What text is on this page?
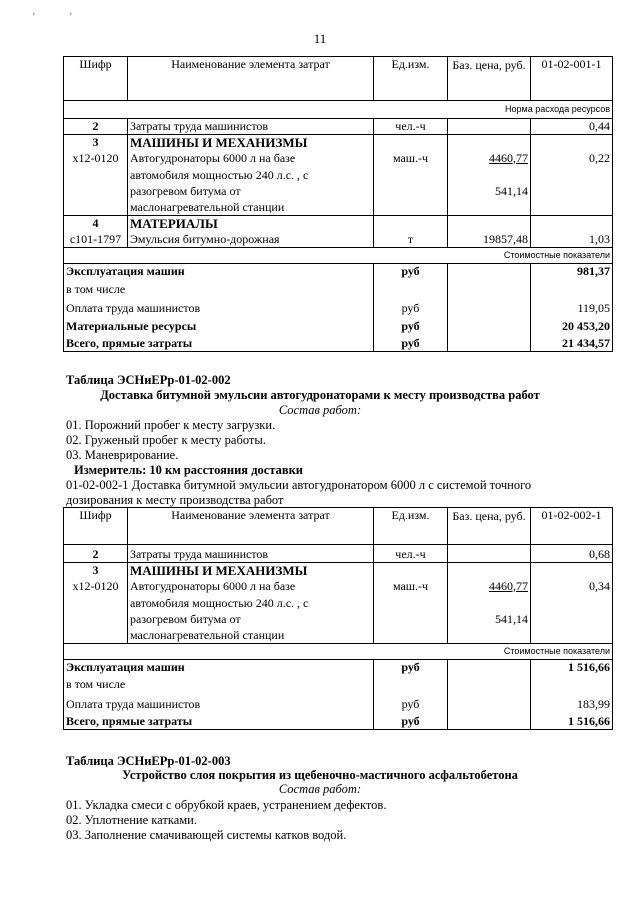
'	'
11
Шифр	Наименование элемента затрат	Ед.изм.	Баз. цена, руб.	01-02-001-1
Норма расхода ресурсов				
2	Затраты труда машинистов	чел.-ч		0,44
3	МАШИНЫ И МЕХАНИЗМЫ			
х12-0120	Автогудронаторы 6000 л на базе	маш.-ч	4460,77	0,22
	автомобиля мощностью 240 л.с. , с			
	разогревом битума от		541,14	
	маслонагревательной станции			
4	МАТЕРИАЛЫ			
с101-1797	Эмульсия битумно-дорожная	т	19857,48	1,03
Стоимостные показатели				
Эксплуатация машин		руб		981,37
в том числе				
Оплата труда машинистов		руб		119,05
Материальные ресурсы		руб		20 453,20
Всего, прямые затраты		руб		21 434,57
Таблица ЭСНиЕРр-01-02-002
Доставка битумной эмульсии автогудронаторами к месту производства работ
Состав работ:
01. Порожний пробег к месту загрузки.
02. Груженый пробег к месту работы.
03. Маневрирование.
Измеритель: 10 км расстояния доставки
01-02-002-1 Доставка битумной эмульсии автогудронатором 6000 л с системой точного
дозирования к месту производства работ
Шифр	Наименование элемента затрат	Ед.изм.	Баз. цена, руб.	01-02-002-1
2	Затраты труда машинистов	чел.-ч		0,68
3	МАШИНЫ И МЕХАНИЗМЫ			
х12-0120	Автогудронаторы 6000 л на базе	маш.-ч	4460,77	0,34
	автомобиля мощностью 240 л.с. , с			
	разогревом битума от		541,14	
	маслонагревательной станции			
Стоимостные показатели				
Эксплуатация машин		руб		1 516,66
в том числе				
Оплата труда машинистов		руб		183,99
Всего, прямые затраты		руб		1 516,66
Таблица ЭСНиЕРр-01-02-003
Устройство слоя покрытия из щебеночно-мастичного асфальтобетона
Состав работ:
01. Укладка смеси с обрубкой краев, устранением дефектов.
02. Уплотнение катками.
03. Заполнение смачивающей системы катков водой.
